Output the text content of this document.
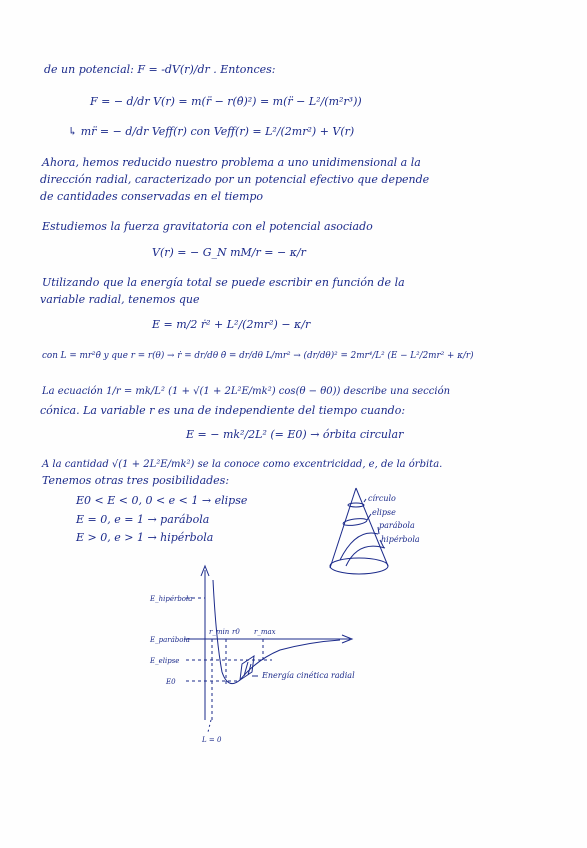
de un potencial: F = -dV(r)/dr . Entonces:
F = − d/dr V(r) = m(r̈ − r(θ̇)²) = m(r̈ − L²/(m²r³))
↳ mr̈ = − d/dr Veff(r) con Veff(r) = L²/(2mr²) + V(r)
Ahora, hemos reducido nuestro problema a uno unidimensional a la
dirección radial, caracterizado por un potencial efectivo que depende
de cantidades conservadas en el tiempo
Estudiemos la fuerza gravitatoria con el potencial asociado
V(r) = − G_N mM/r = − κ/r
Utilizando que la energía total se puede escribir en función de la
variable radial, tenemos que
E = m/2 ṙ² + L²/(2mr²) − κ/r
con L = mr²θ̇ y que r = r(θ) → ṙ = dr/dθ θ̇ = dr/dθ L/mr² → (dr/dθ)² = 2mr⁴/L² (E − L²/2mr² + κ/r)
La ecuación 1/r = mk/L² (1 + √(1 + 2L²E/mk²) cos(θ − θ0)) describe una sección
cónica. La variable r es una de independiente del tiempo cuando:
E = − mk²/2L² (= E0) → órbita circular
A la cantidad √(1 + 2L²E/mk²) se la conoce como excentricidad, e, de la órbita.
Tenemos otras tres posibilidades:
E0 < E < 0, 0 < e < 1 → elipse
E = 0, e = 1 → parábola
E > 0, e > 1 → hipérbola
círculo
elipse
parábola
hipérbola
E_hipérbola
E_parábola
E_elipse
E0
r_min r0 r_max
Energía cinética radial
L = 0
